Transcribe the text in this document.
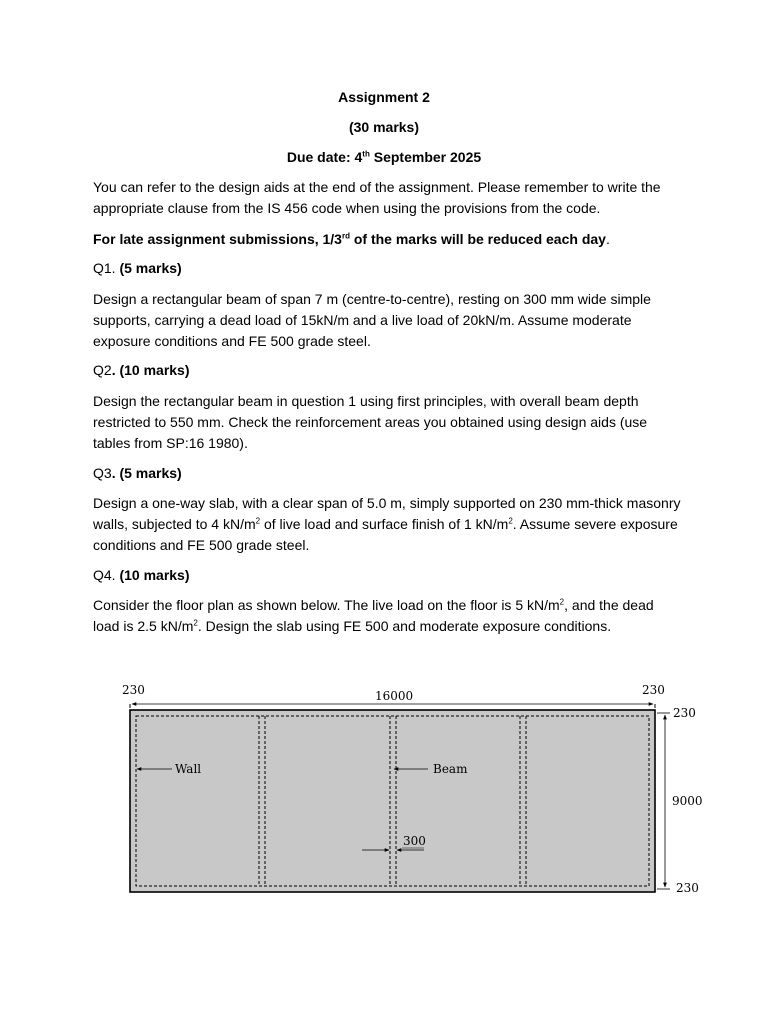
Assignment 2
(30 marks)
Due date: 4th September 2025

You can refer to the design aids at the end of the assignment. Please remember to write the appropriate clause from the IS 456 code when using the provisions from the code.

For late assignment submissions, 1/3rd of the marks will be reduced each day.

Q1. (5 marks)

Design a rectangular beam of span 7 m (centre-to-centre), resting on 300 mm wide simple supports, carrying a dead load of 15kN/m and a live load of 20kN/m. Assume moderate exposure conditions and FE 500 grade steel.

Q2. (10 marks)

Design the rectangular beam in question 1 using first principles, with overall beam depth restricted to 550 mm. Check the reinforcement areas you obtained using design aids (use tables from SP:16 1980).

Q3. (5 marks)

Design a one-way slab, with a clear span of 5.0 m, simply supported on 230 mm-thick masonry walls, subjected to 4 $kN/m^2$ of live load and surface finish of 1 $kN/m^2$. Assume severe exposure conditions and FE 500 grade steel.

Q4. (10 marks)

Consider the floor plan as shown below. The live load on the floor is 5 $kN/m^2$, and the dead load is 2.5 $kN/m^2$. Design the slab using FE 500 and moderate exposure conditions.

230	16000	230
230
9000
230
Wall	Beam
300
